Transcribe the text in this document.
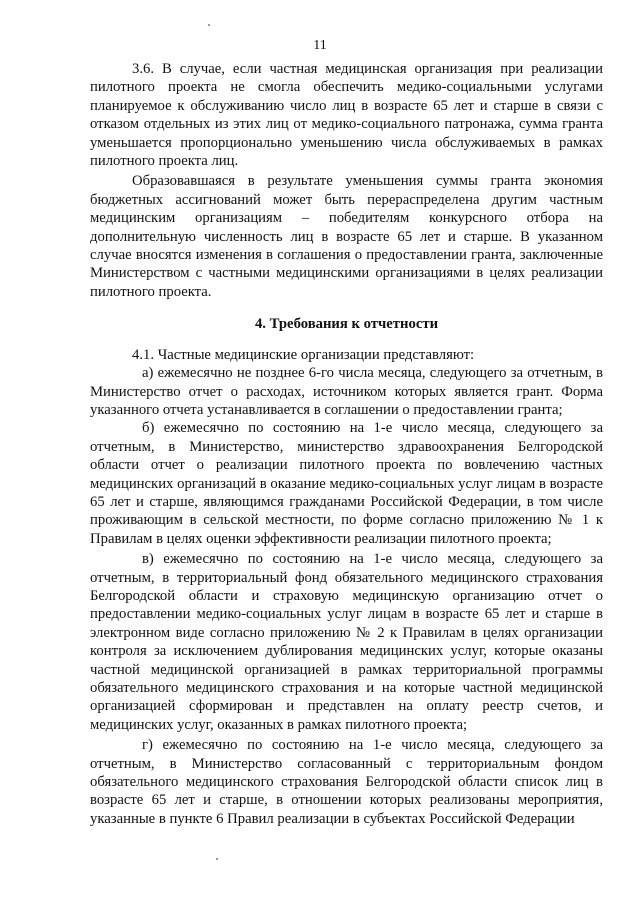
11

3.6. В случае, если частная медицинская организация при реализации пилотного проекта не смогла обеспечить медико-социальными услугами планируемое к обслуживанию число лиц в возрасте 65 лет и старше в связи с отказом отдельных из этих лиц от медико-социального патронажа, сумма гранта уменьшается пропорционально уменьшению числа обслуживаемых в рамках пилотного проекта лиц.

Образовавшаяся в результате уменьшения суммы гранта экономия бюджетных ассигнований может быть перераспределена другим частным медицинским организациям – победителям конкурсного отбора на дополнительную численность лиц в возрасте 65 лет и старше. В указанном случае вносятся изменения в соглашения о предоставлении гранта, заключенные Министерством с частными медицинскими организациями в целях реализации пилотного проекта.

4. Требования к отчетности

4.1. Частные медицинские организации представляют:

а) ежемесячно не позднее 6-го числа месяца, следующего за отчетным, в Министерство отчет о расходах, источником которых является грант. Форма указанного отчета устанавливается в соглашении о предоставлении гранта;

б) ежемесячно по состоянию на 1-е число месяца, следующего за отчетным, в Министерство, министерство здравоохранения Белгородской области отчет о реализации пилотного проекта по вовлечению частных медицинских организаций в оказание медико-социальных услуг лицам в возрасте 65 лет и старше, являющимся гражданами Российской Федерации, в том числе проживающим в сельской местности, по форме согласно приложению № 1 к Правилам в целях оценки эффективности реализации пилотного проекта;

в) ежемесячно по состоянию на 1-е число месяца, следующего за отчетным, в территориальный фонд обязательного медицинского страхования Белгородской области и страховую медицинскую организацию отчет о предоставлении медико-социальных услуг лицам в возрасте 65 лет и старше в электронном виде согласно приложению № 2 к Правилам в целях организации контроля за исключением дублирования медицинских услуг, которые оказаны частной медицинской организацией в рамках территориальной программы обязательного медицинского страхования и на которые частной медицинской организацией сформирован и представлен на оплату реестр счетов, и медицинских услуг, оказанных в рамках пилотного проекта;

г) ежемесячно по состоянию на 1-е число месяца, следующего за отчетным, в Министерство согласованный с территориальным фондом обязательного медицинского страхования Белгородской области список лиц в возрасте 65 лет и старше, в отношении которых реализованы мероприятия, указанные в пункте 6 Правил реализации в субъектах Российской Федерации
